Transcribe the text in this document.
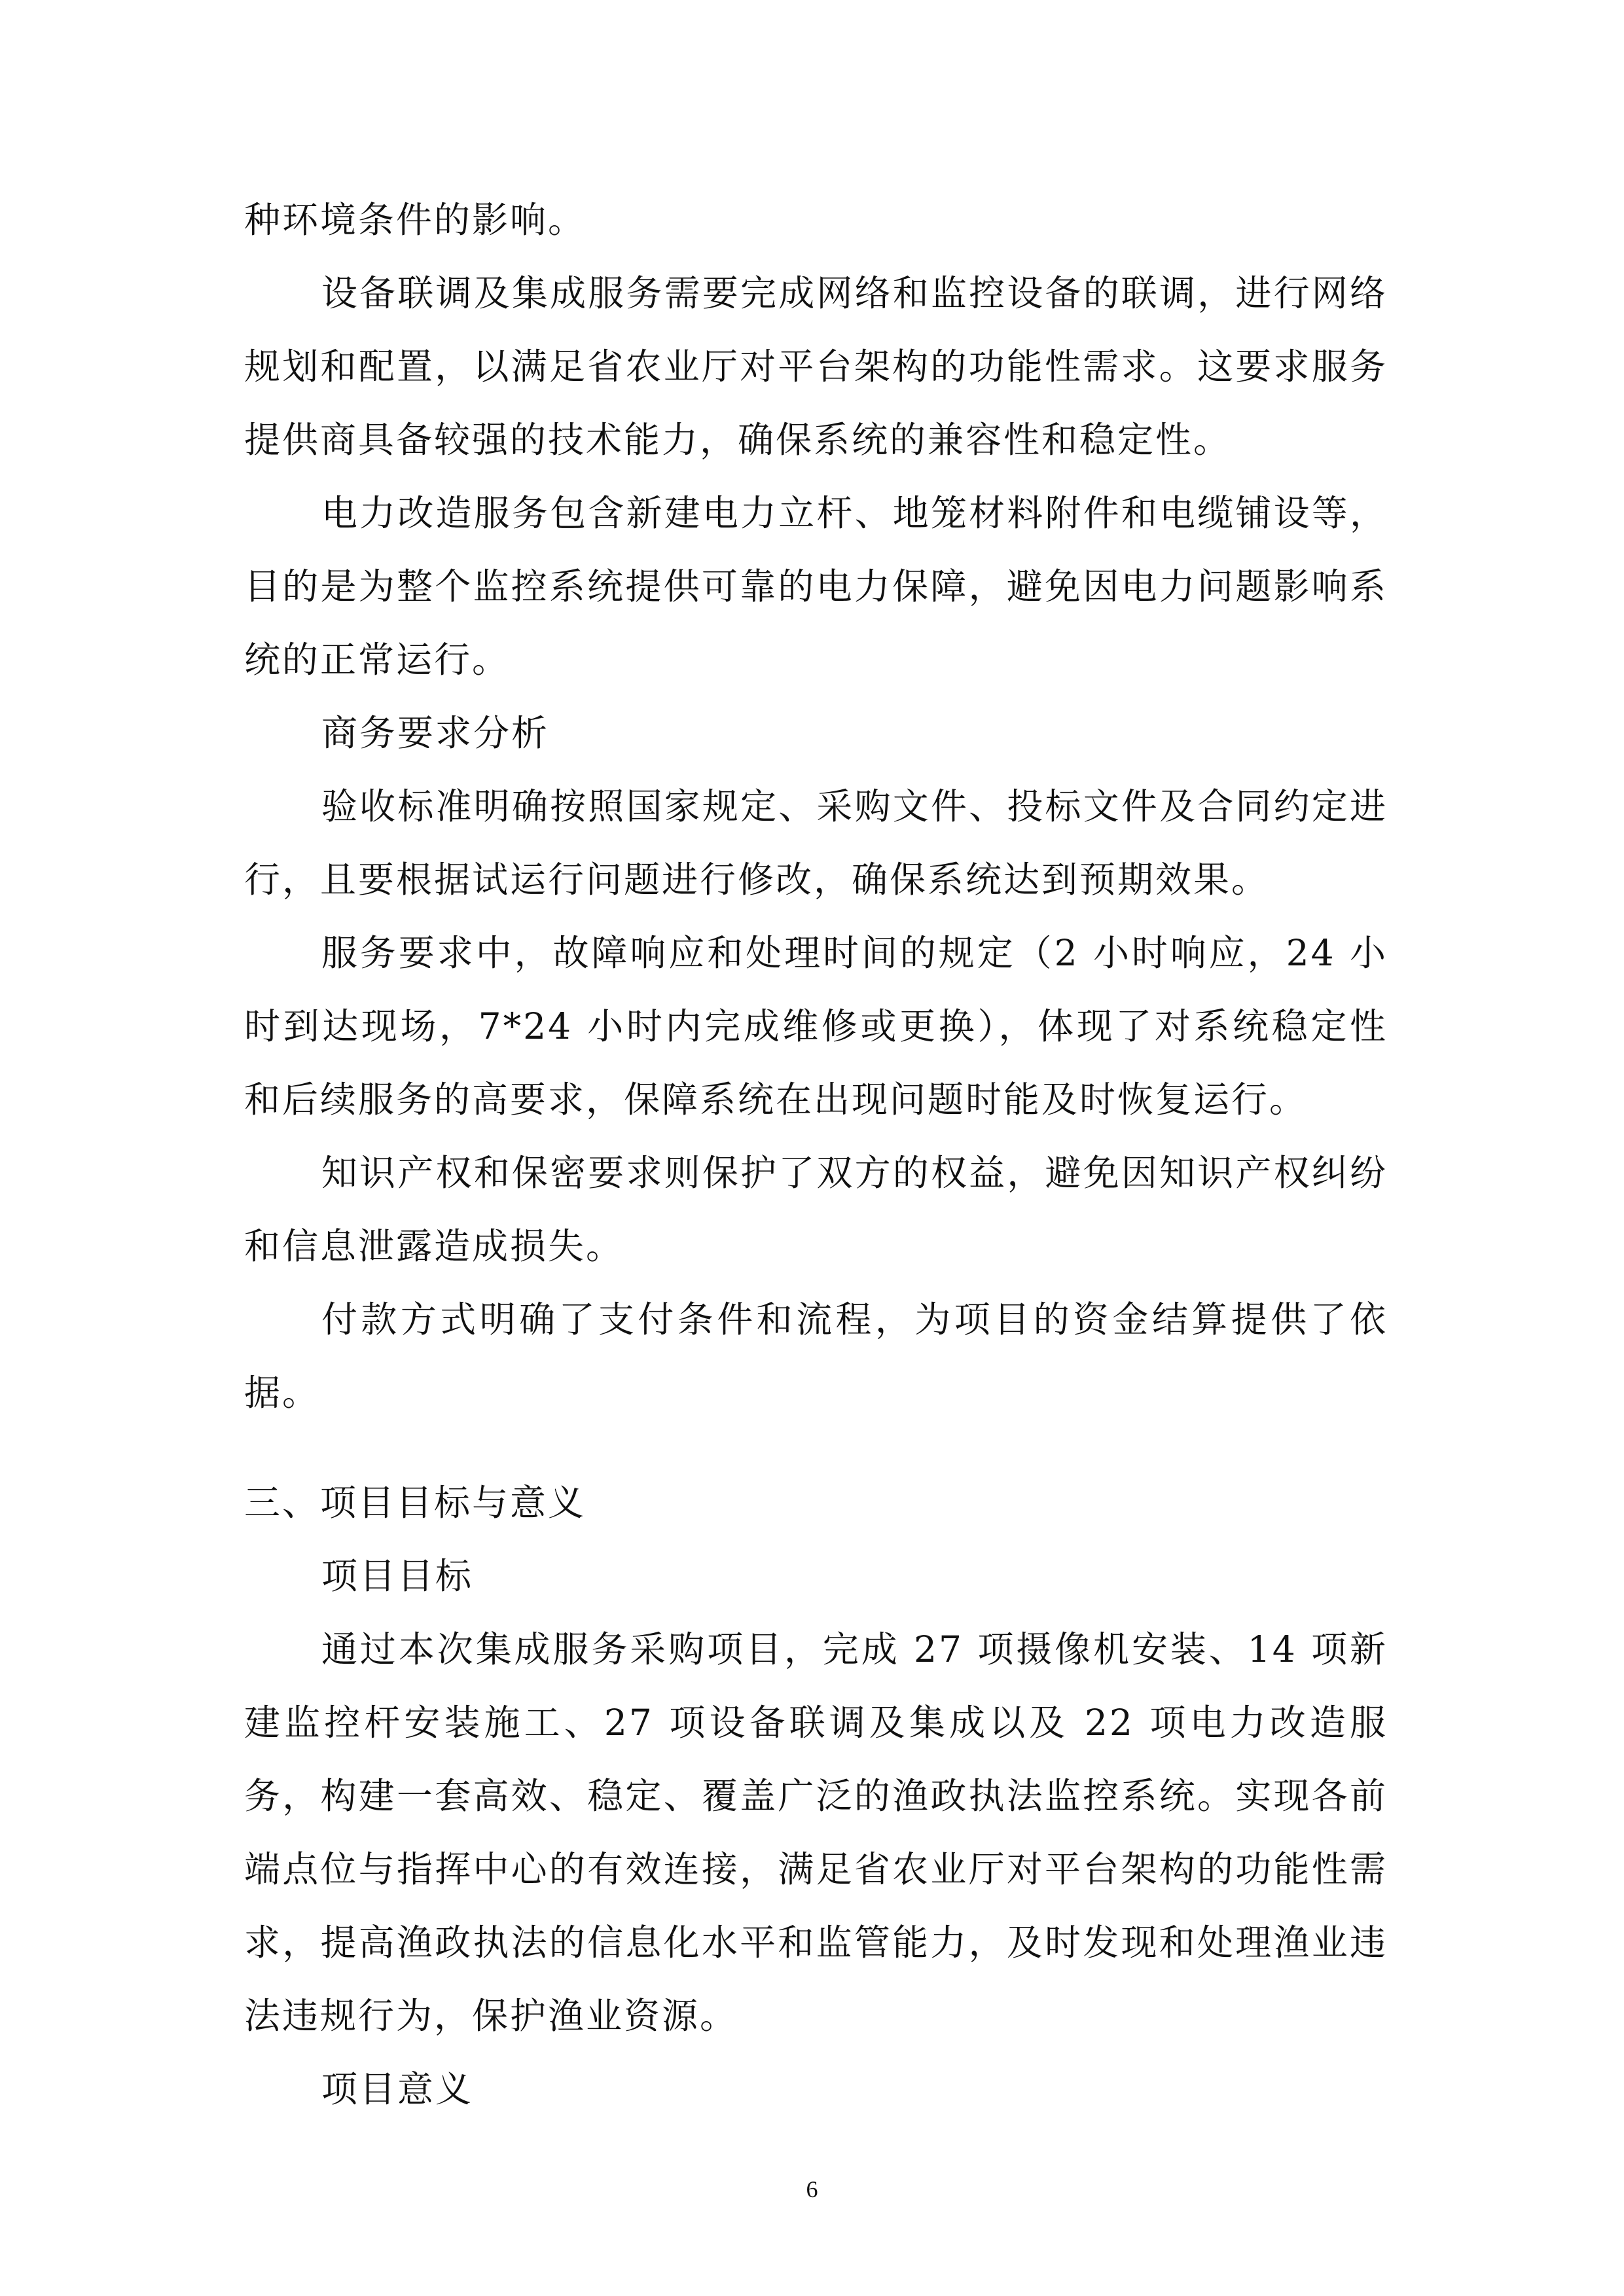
种环境条件的影响。

设备联调及集成服务需要完成网络和监控设备的联调，进行网络规划和配置，以满足省农业厅对平台架构的功能性需求。这要求服务提供商具备较强的技术能力，确保系统的兼容性和稳定性。

电力改造服务包含新建电力立杆、地笼材料附件和电缆铺设等，目的是为整个监控系统提供可靠的电力保障，避免因电力问题影响系统的正常运行。

商务要求分析

验收标准明确按照国家规定、采购文件、投标文件及合同约定进行，且要根据试运行问题进行修改，确保系统达到预期效果。

服务要求中，故障响应和处理时间的规定（2 小时响应，24 小时到达现场，7*24 小时内完成维修或更换），体现了对系统稳定性和后续服务的高要求，保障系统在出现问题时能及时恢复运行。

知识产权和保密要求则保护了双方的权益，避免因知识产权纠纷和信息泄露造成损失。

付款方式明确了支付条件和流程，为项目的资金结算提供了依据。

三、项目目标与意义

项目目标

通过本次集成服务采购项目，完成 27 项摄像机安装、14 项新建监控杆安装施工、27 项设备联调及集成以及 22 项电力改造服务，构建一套高效、稳定、覆盖广泛的渔政执法监控系统。实现各前端点位与指挥中心的有效连接，满足省农业厅对平台架构的功能性需求，提高渔政执法的信息化水平和监管能力，及时发现和处理渔业违法违规行为，保护渔业资源。

项目意义

6
